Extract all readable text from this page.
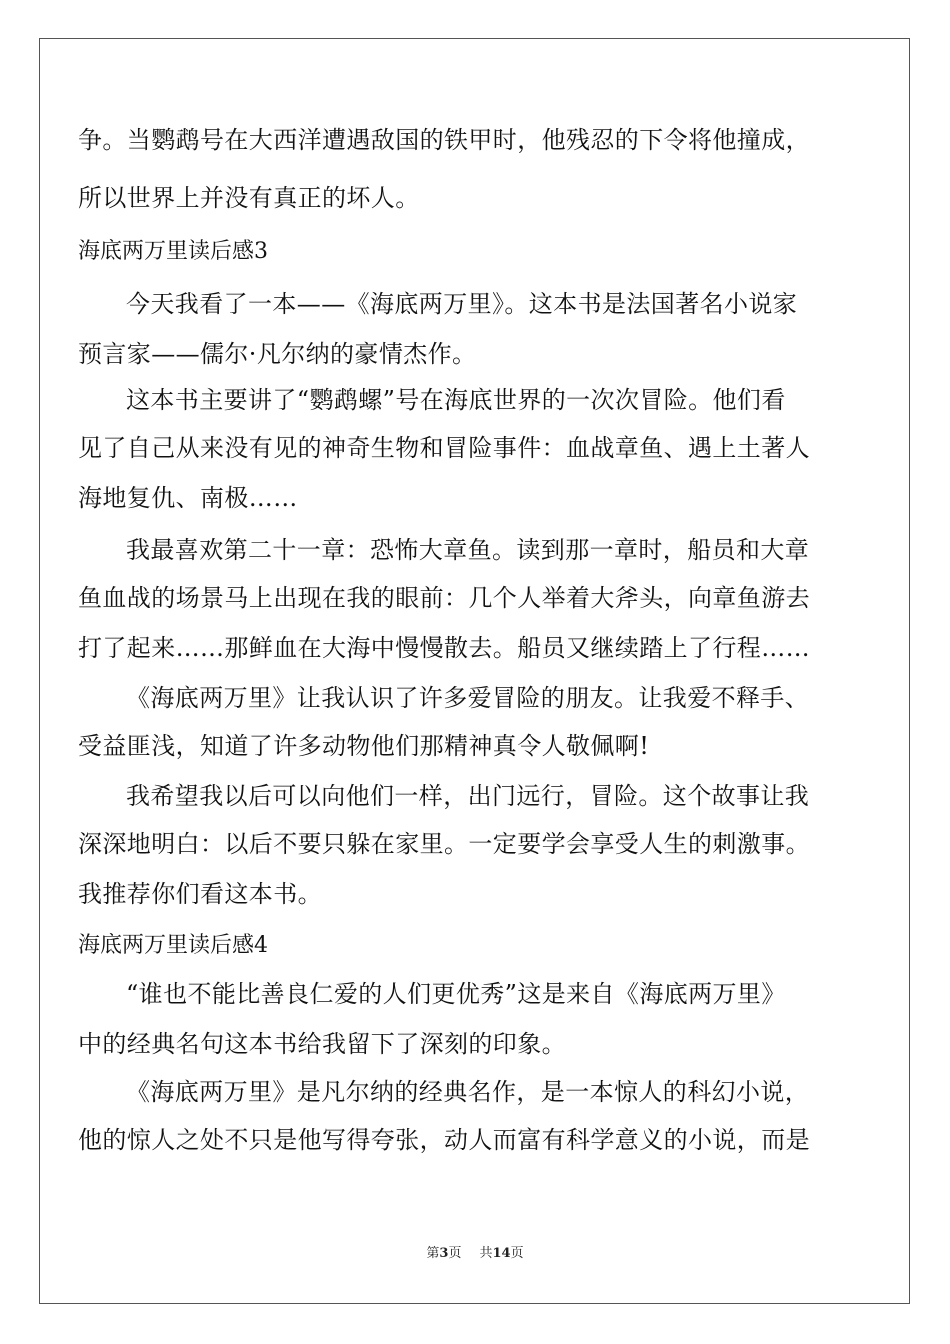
争。当鹦鹉号在大西洋遭遇敌国的铁甲时，他残忍的下令将他撞成，
所以世界上并没有真正的坏人。
海底两万里读后感3
今天我看了一本——《海底两万里》。这本书是法国著名小说家
预言家——儒尔·凡尔纳的豪情杰作。
这本书主要讲了“鹦鹉螺”号在海底世界的一次次冒险。他们看
见了自己从来没有见的神奇生物和冒险事件：血战章鱼、遇上土著人
海地复仇、南极……
我最喜欢第二十一章：恐怖大章鱼。读到那一章时，船员和大章
鱼血战的场景马上出现在我的眼前：几个人举着大斧头，向章鱼游去
打了起来……那鲜血在大海中慢慢散去。船员又继续踏上了行程……
《海底两万里》让我认识了许多爱冒险的朋友。让我爱不释手、
受益匪浅，知道了许多动物他们那精神真令人敬佩啊!
我希望我以后可以向他们一样，出门远行，冒险。这个故事让我
深深地明白：以后不要只躲在家里。一定要学会享受人生的刺激事。
我推荐你们看这本书。
海底两万里读后感4
“谁也不能比善良仁爱的人们更优秀”这是来自《海底两万里》
中的经典名句这本书给我留下了深刻的印象。
《海底两万里》是凡尔纳的经典名作，是一本惊人的科幻小说，
他的惊人之处不只是他写得夸张，动人而富有科学意义的小说，而是
第3页 共14页
